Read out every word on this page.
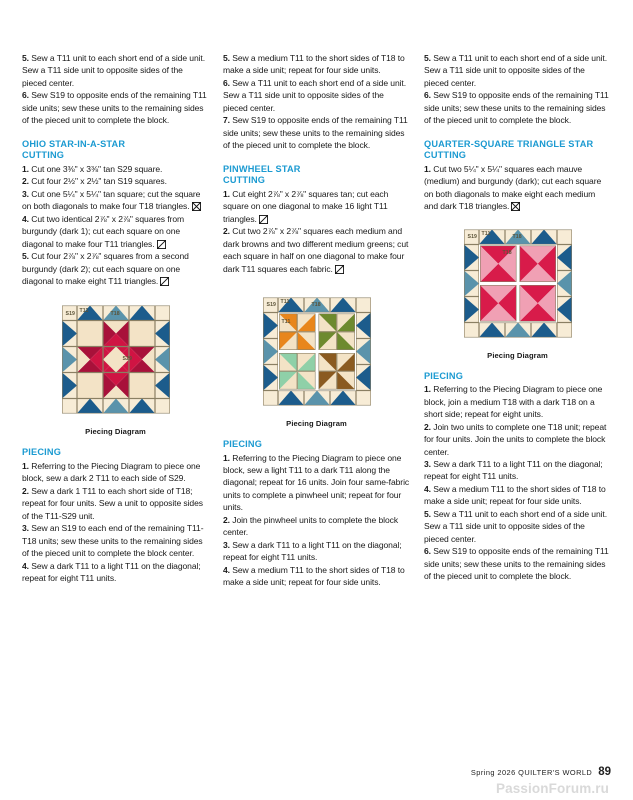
5. Sew a T11 unit to each short end of a side unit. Sew a T11 side unit to opposite sides of the pieced center.

6. Sew S19 to opposite ends of the remaining T11 side units; sew these units to the remaining sides of the pieced unit to complete the block.

OHIO STAR-IN-A-STAR
CUTTING

1. Cut one 3⅜" x 3⅜" tan S29 square.

2. Cut four 2½" x 2½" tan S19 squares.

3. Cut one 5¼" x 5¼" tan square; cut the square on both diagonals to make four T18 triangles.

4. Cut two identical 2⅞" x 2⅞" squares from burgundy (dark 1); cut each square on one diagonal to make four T11 triangles.

5. Cut four 2⅞" x 2⅞" squares from a second burgundy (dark 2); cut each square on one diagonal to make eight T11 triangles.

S19 T11	T18
S29
Piecing Diagram
PIECING

1. Referring to the Piecing Diagram to piece one block, sew a dark 2 T11 to each side of S29.

2. Sew a dark 1 T11 to each short side of T18; repeat for four units. Sew a unit to opposite sides of the T11-S29 unit.

3. Sew an S19 to each end of the remaining T11-T18 units; sew these units to the remaining sides of the pieced unit to complete the block center.

4. Sew a dark T11 to a light T11 on the diagonal; repeat for eight T11 units.

5. Sew a medium T11 to the short sides of T18 to make a side unit; repeat for four side units.

6. Sew a T11 unit to each short end of a side unit. Sew a T11 side unit to opposite sides of the pieced center.

7. Sew S19 to opposite ends of the remaining T11 side units; sew these units to the remaining sides of the pieced unit to complete the block.

PINWHEEL STAR
CUTTING

1. Cut eight 2⅞" x 2⅞" squares tan; cut each square on one diagonal to make 16 light T11 triangles.

2. Cut two 2⅞" x 2⅞" squares each medium and dark browns and two different medium greens; cut each square in half on one diagonal to make four dark T11 squares each fabric.

S19 T11	T18
T11
Piecing Diagram
PIECING

1. Referring to the Piecing Diagram to piece one block, sew a light T11 to a dark T11 along the diagonal; repeat for 16 units. Join four same-fabric units to complete a pinwheel unit; repeat for four units.

2. Join the pinwheel units to complete the block center.

3. Sew a dark T11 to a light T11 on the diagonal; repeat for eight T11 units.

4. Sew a medium T11 to the short sides of T18 to make a side unit; repeat for four side units.

5. Sew a T11 unit to each short end of a side unit. Sew a T11 side unit to opposite sides of the pieced center.

6. Sew S19 to opposite ends of the remaining T11 side units; sew these units to the remaining sides of the pieced unit to complete the block.

QUARTER-SQUARE TRIANGLE STAR
CUTTING

1. Cut two 5¼" x 5¼" squares each mauve (medium) and burgundy (dark); cut each square on both diagonals to make eight each medium and dark T18 triangles.

S19 T11	T18
T18
Piecing Diagram
PIECING

1. Referring to the Piecing Diagram to piece one block, join a medium T18 with a dark T18 on a short side; repeat for eight units.

2. Join two units to complete one T18 unit; repeat for four units. Join the units to complete the block center.

3. Sew a dark T11 to a light T11 on the diagonal; repeat for eight T11 units.

4. Sew a medium T11 to the short sides of T18 to make a side unit; repeat for four side units.

5. Sew a T11 unit to each short end of a side unit. Sew a T11 side unit to opposite sides of the pieced center.

6. Sew S19 to opposite ends of the remaining T11 side units; sew these units to the remaining sides of the pieced unit to complete the block.

Spring 2026 QUILTER'S WORLD 89
PassionForum.ru
